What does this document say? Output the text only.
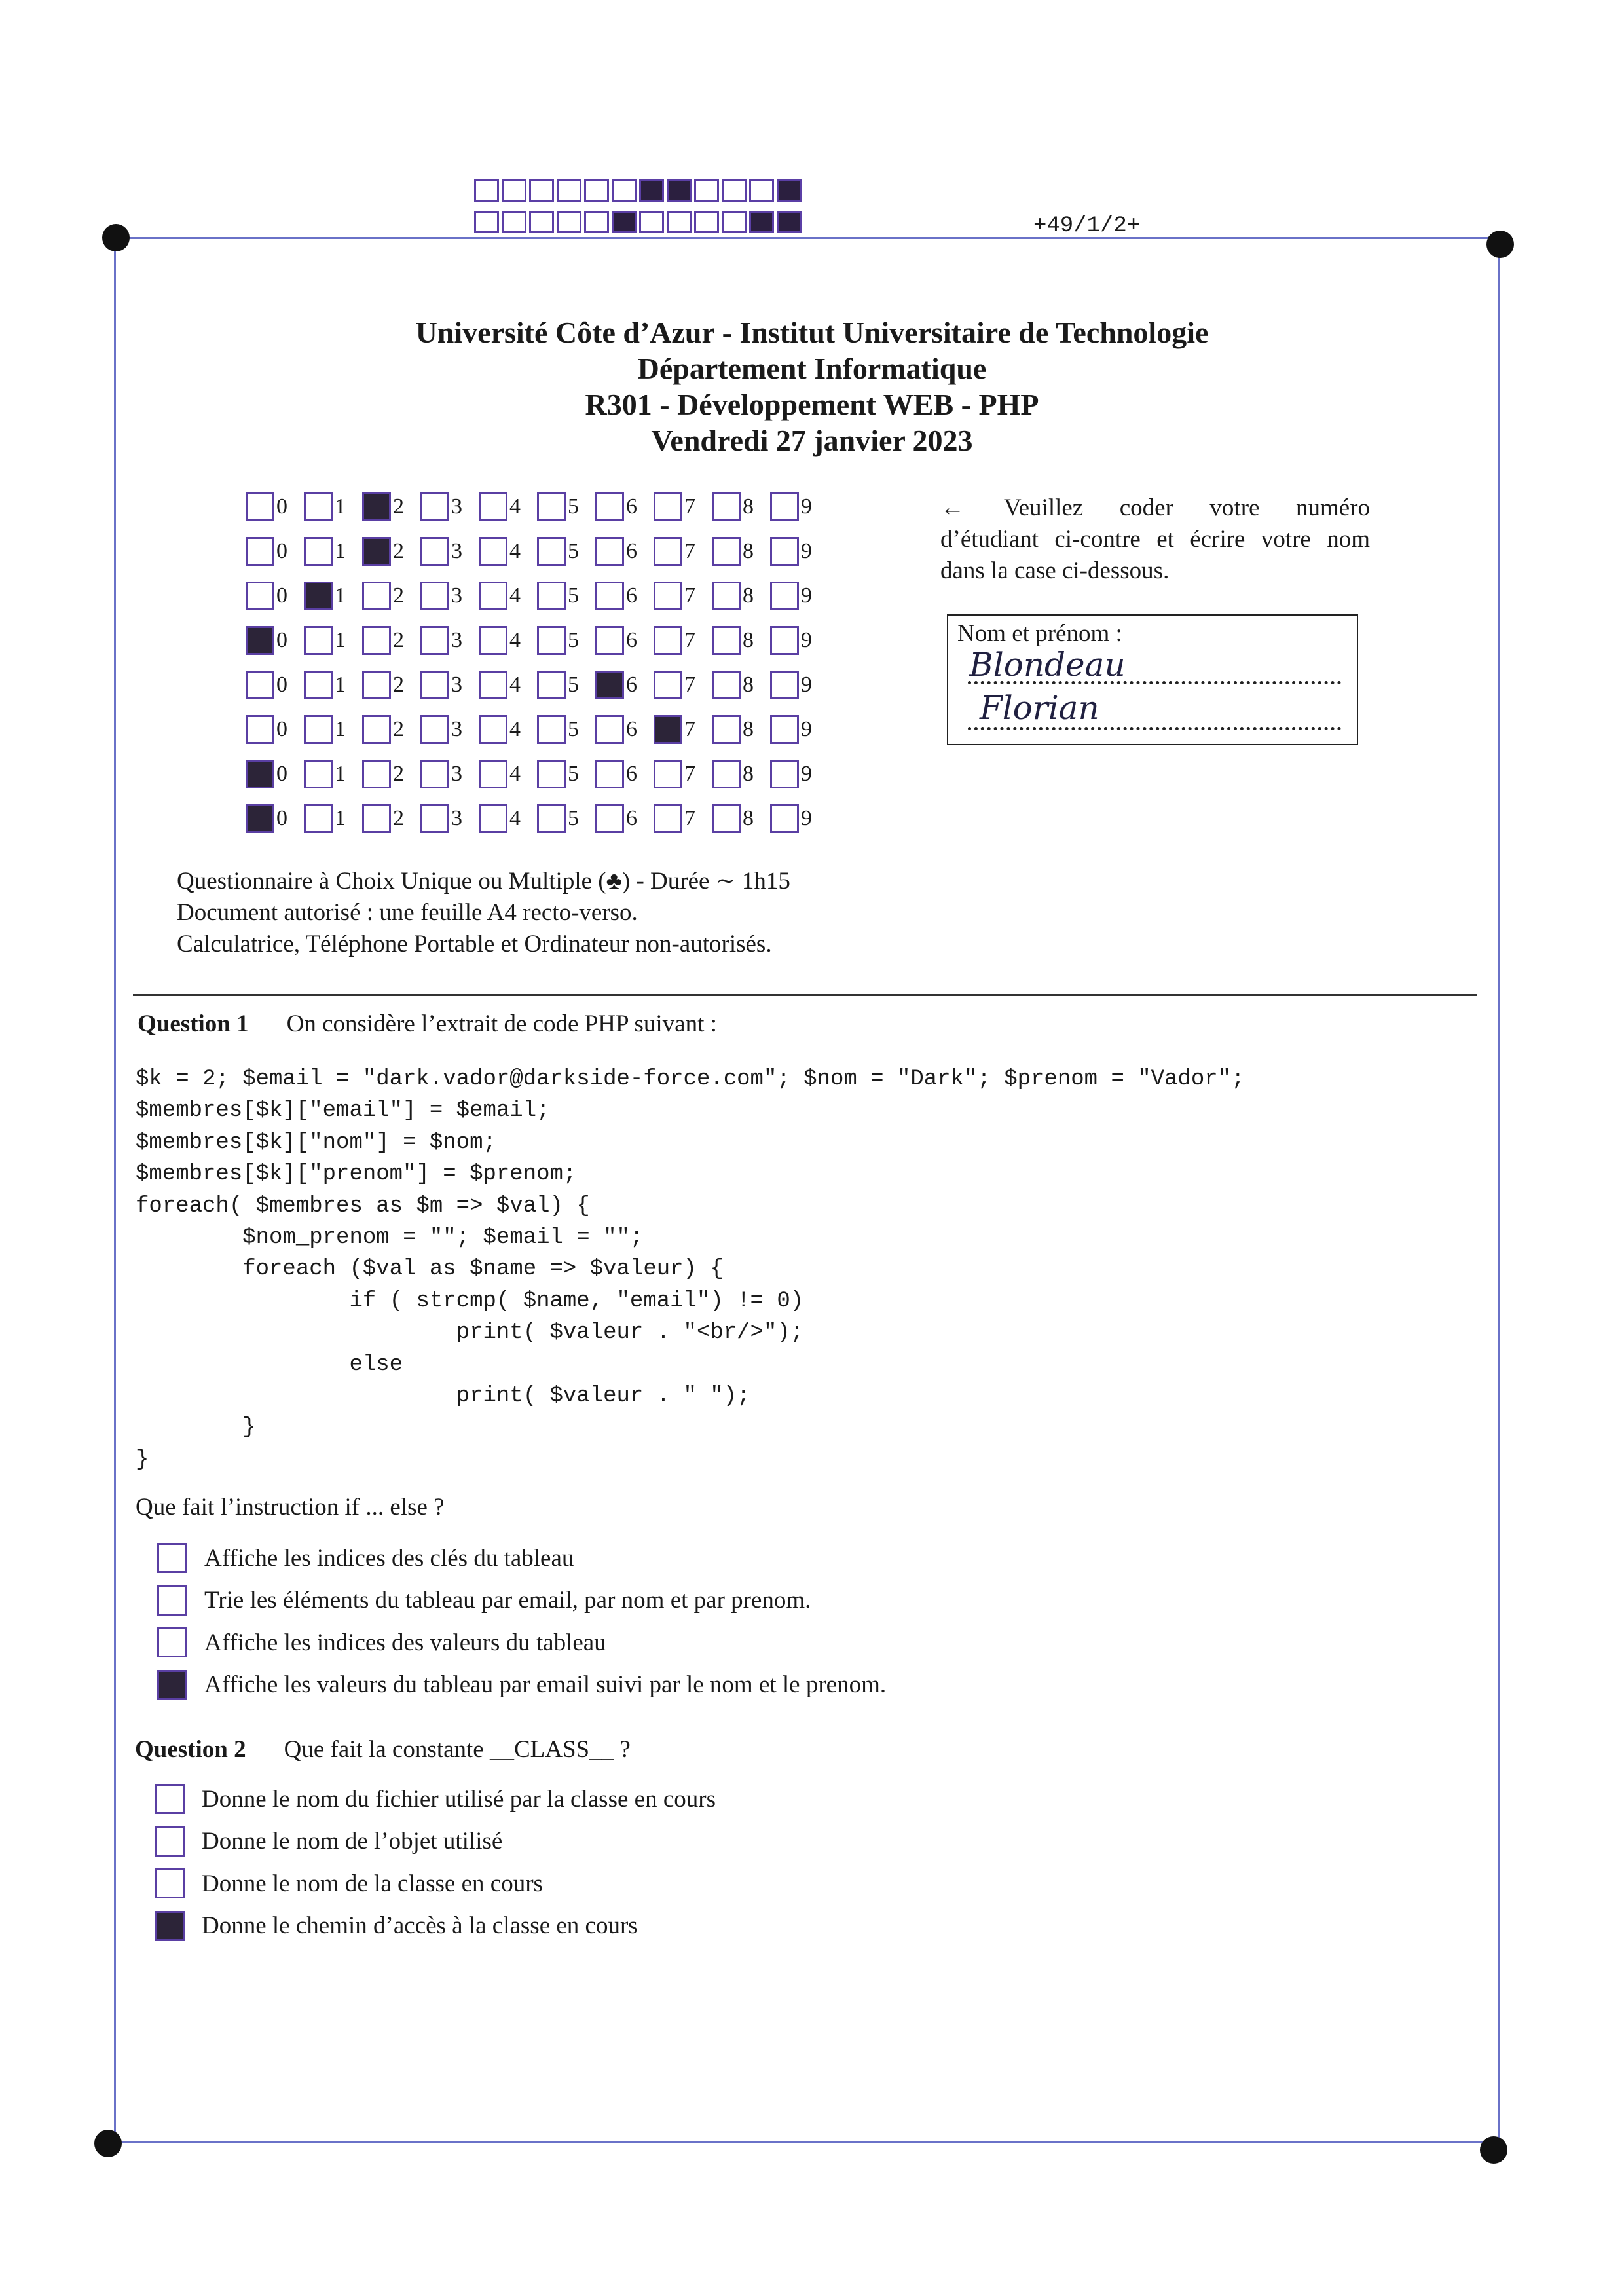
+49/1/2+
Université Côte d’Azur - Institut Universitaire de Technologie
Département Informatique
R301 - Développement WEB - PHP
Vendredi 27 janvier 2023
0 1 2 3 4 5 6 7 8 9
0 1 2 3 4 5 6 7 8 9
0 1 2 3 4 5 6 7 8 9
0 1 2 3 4 5 6 7 8 9
0 1 2 3 4 5 6 7 8 9
0 1 2 3 4 5 6 7 8 9
0 1 2 3 4 5 6 7 8 9
0 1 2 3 4 5 6 7 8 9
← Veuillez coder votre numéro d’étudiant ci-contre et écrire votre nom dans la case ci-dessous.
Nom et prénom :
Blondeau
Florian
Questionnaire à Choix Unique ou Multiple (♣) - Durée ∼ 1h15
Document autorisé : une feuille A4 recto-verso.
Calculatrice, Téléphone Portable et Ordinateur non-autorisés.
Question 1 On considère l’extrait de code PHP suivant :
$k = 2; $email = "dark.vador@darkside-force.com"; $nom = "Dark"; $prenom = "Vador";
$membres[$k]["email"] = $email;
$membres[$k]["nom"] = $nom;
$membres[$k]["prenom"] = $prenom;
foreach( $membres as $m => $val) {
$nom_prenom = ""; $email = "";
foreach ($val as $name => $valeur) {
if ( strcmp( $name, "email") != 0)
print( $valeur . "<br/>");
else
print( $valeur . " ");
}
}
Que fait l’instruction if ... else ?
Affiche les indices des clés du tableau
Trie les éléments du tableau par email, par nom et par prenom.
Affiche les indices des valeurs du tableau
Affiche les valeurs du tableau par email suivi par le nom et le prenom.
Question 2 Que fait la constante __CLASS__ ?
Donne le nom du fichier utilisé par la classe en cours
Donne le nom de l’objet utilisé
Donne le nom de la classe en cours
Donne le chemin d’accès à la classe en cours
